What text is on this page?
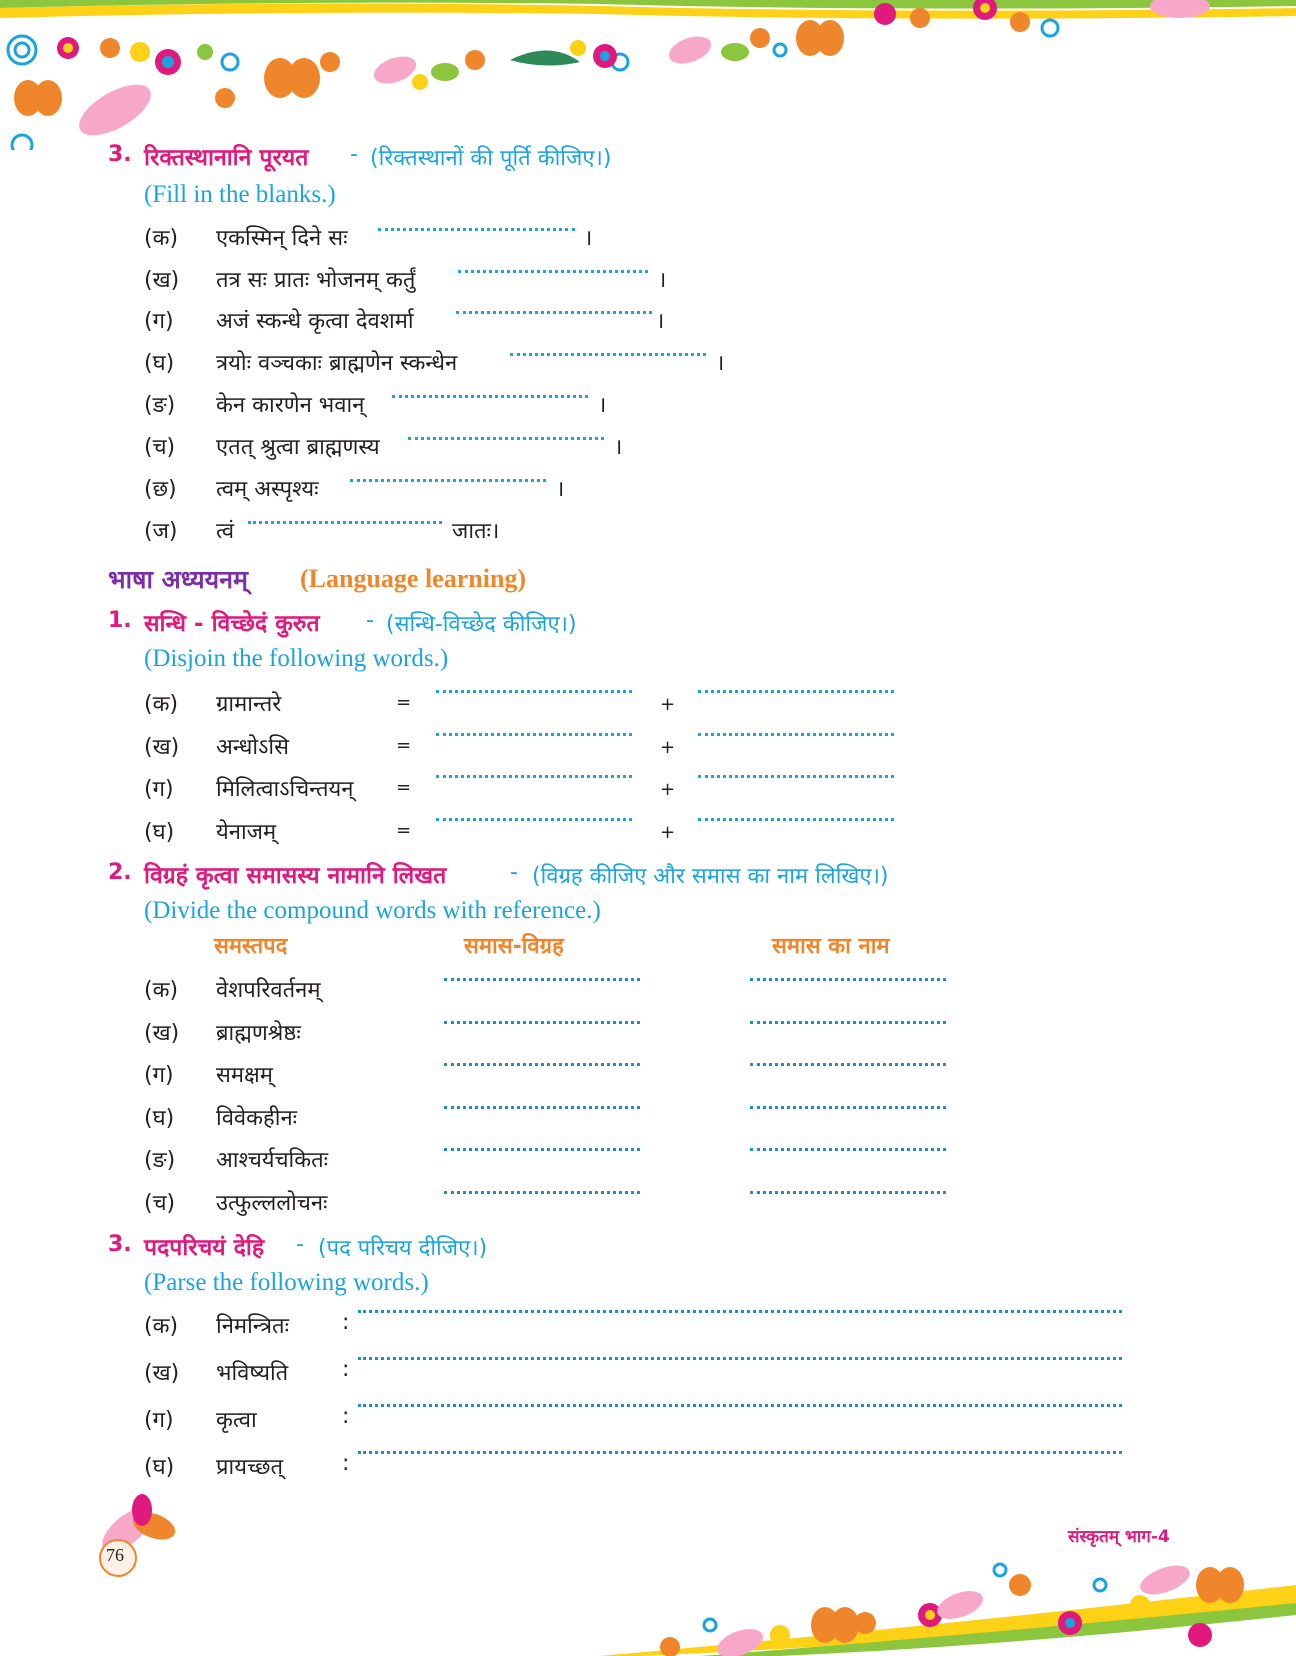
3. रिक्तस्थानानि पूरयत - (रिक्तस्थानों की पूर्ति कीजिए।)
(Fill in the blanks.)
(क) एकस्मिन् दिने सः	।
(ख) तत्र सः प्रातः भोजनम् कर्तुं	।
(ग) अजं स्कन्धे कृत्वा देवशर्मा	।
(घ) त्रयोः वञ्चकाः ब्राह्मणेन स्कन्धेन	।
(ङ) केन कारणेन भवान्	।
(च) एतत् श्रुत्वा ब्राह्मणस्य	।
(छ) त्वम् अस्पृश्यः	।
(ज) त्वं	जातः।
भाषा अध्ययनम् (Language learning)
1. सन्धि - विच्छेदं कुरुत - (सन्धि-विच्छेद कीजिए।)
(Disjoin the following words.)
(क) ग्रामान्तरे	=	+
(ख) अन्धोऽसि	=	+
(ग) मिलित्वाऽचिन्तयन् =	+
(घ) येनाजम्	=	+
2. विग्रहं कृत्वा समासस्य नामानि लिखत	- (विग्रह कीजिए और समास का नाम लिखिए।)
(Divide the compound words with reference.)
समस्तपद	समास-विग्रह	समास का नाम
(क) वेशपरिवर्तनम्
(ख) ब्राह्मणश्रेष्ठः
(ग) समक्षम्
(घ) विवेकहीनः
(ङ) आश्चर्यचकितः
(च) उत्फुल्ललोचनः
3. पदपरिचयं देहि - (पद परिचय दीजिए।)
(Parse the following words.)
(क) निमन्त्रितः :
(ख) भविष्यति :
(ग) कृत्वा	:
(घ) प्रायच्छत्	:
76
संस्कृतम् भाग-4
